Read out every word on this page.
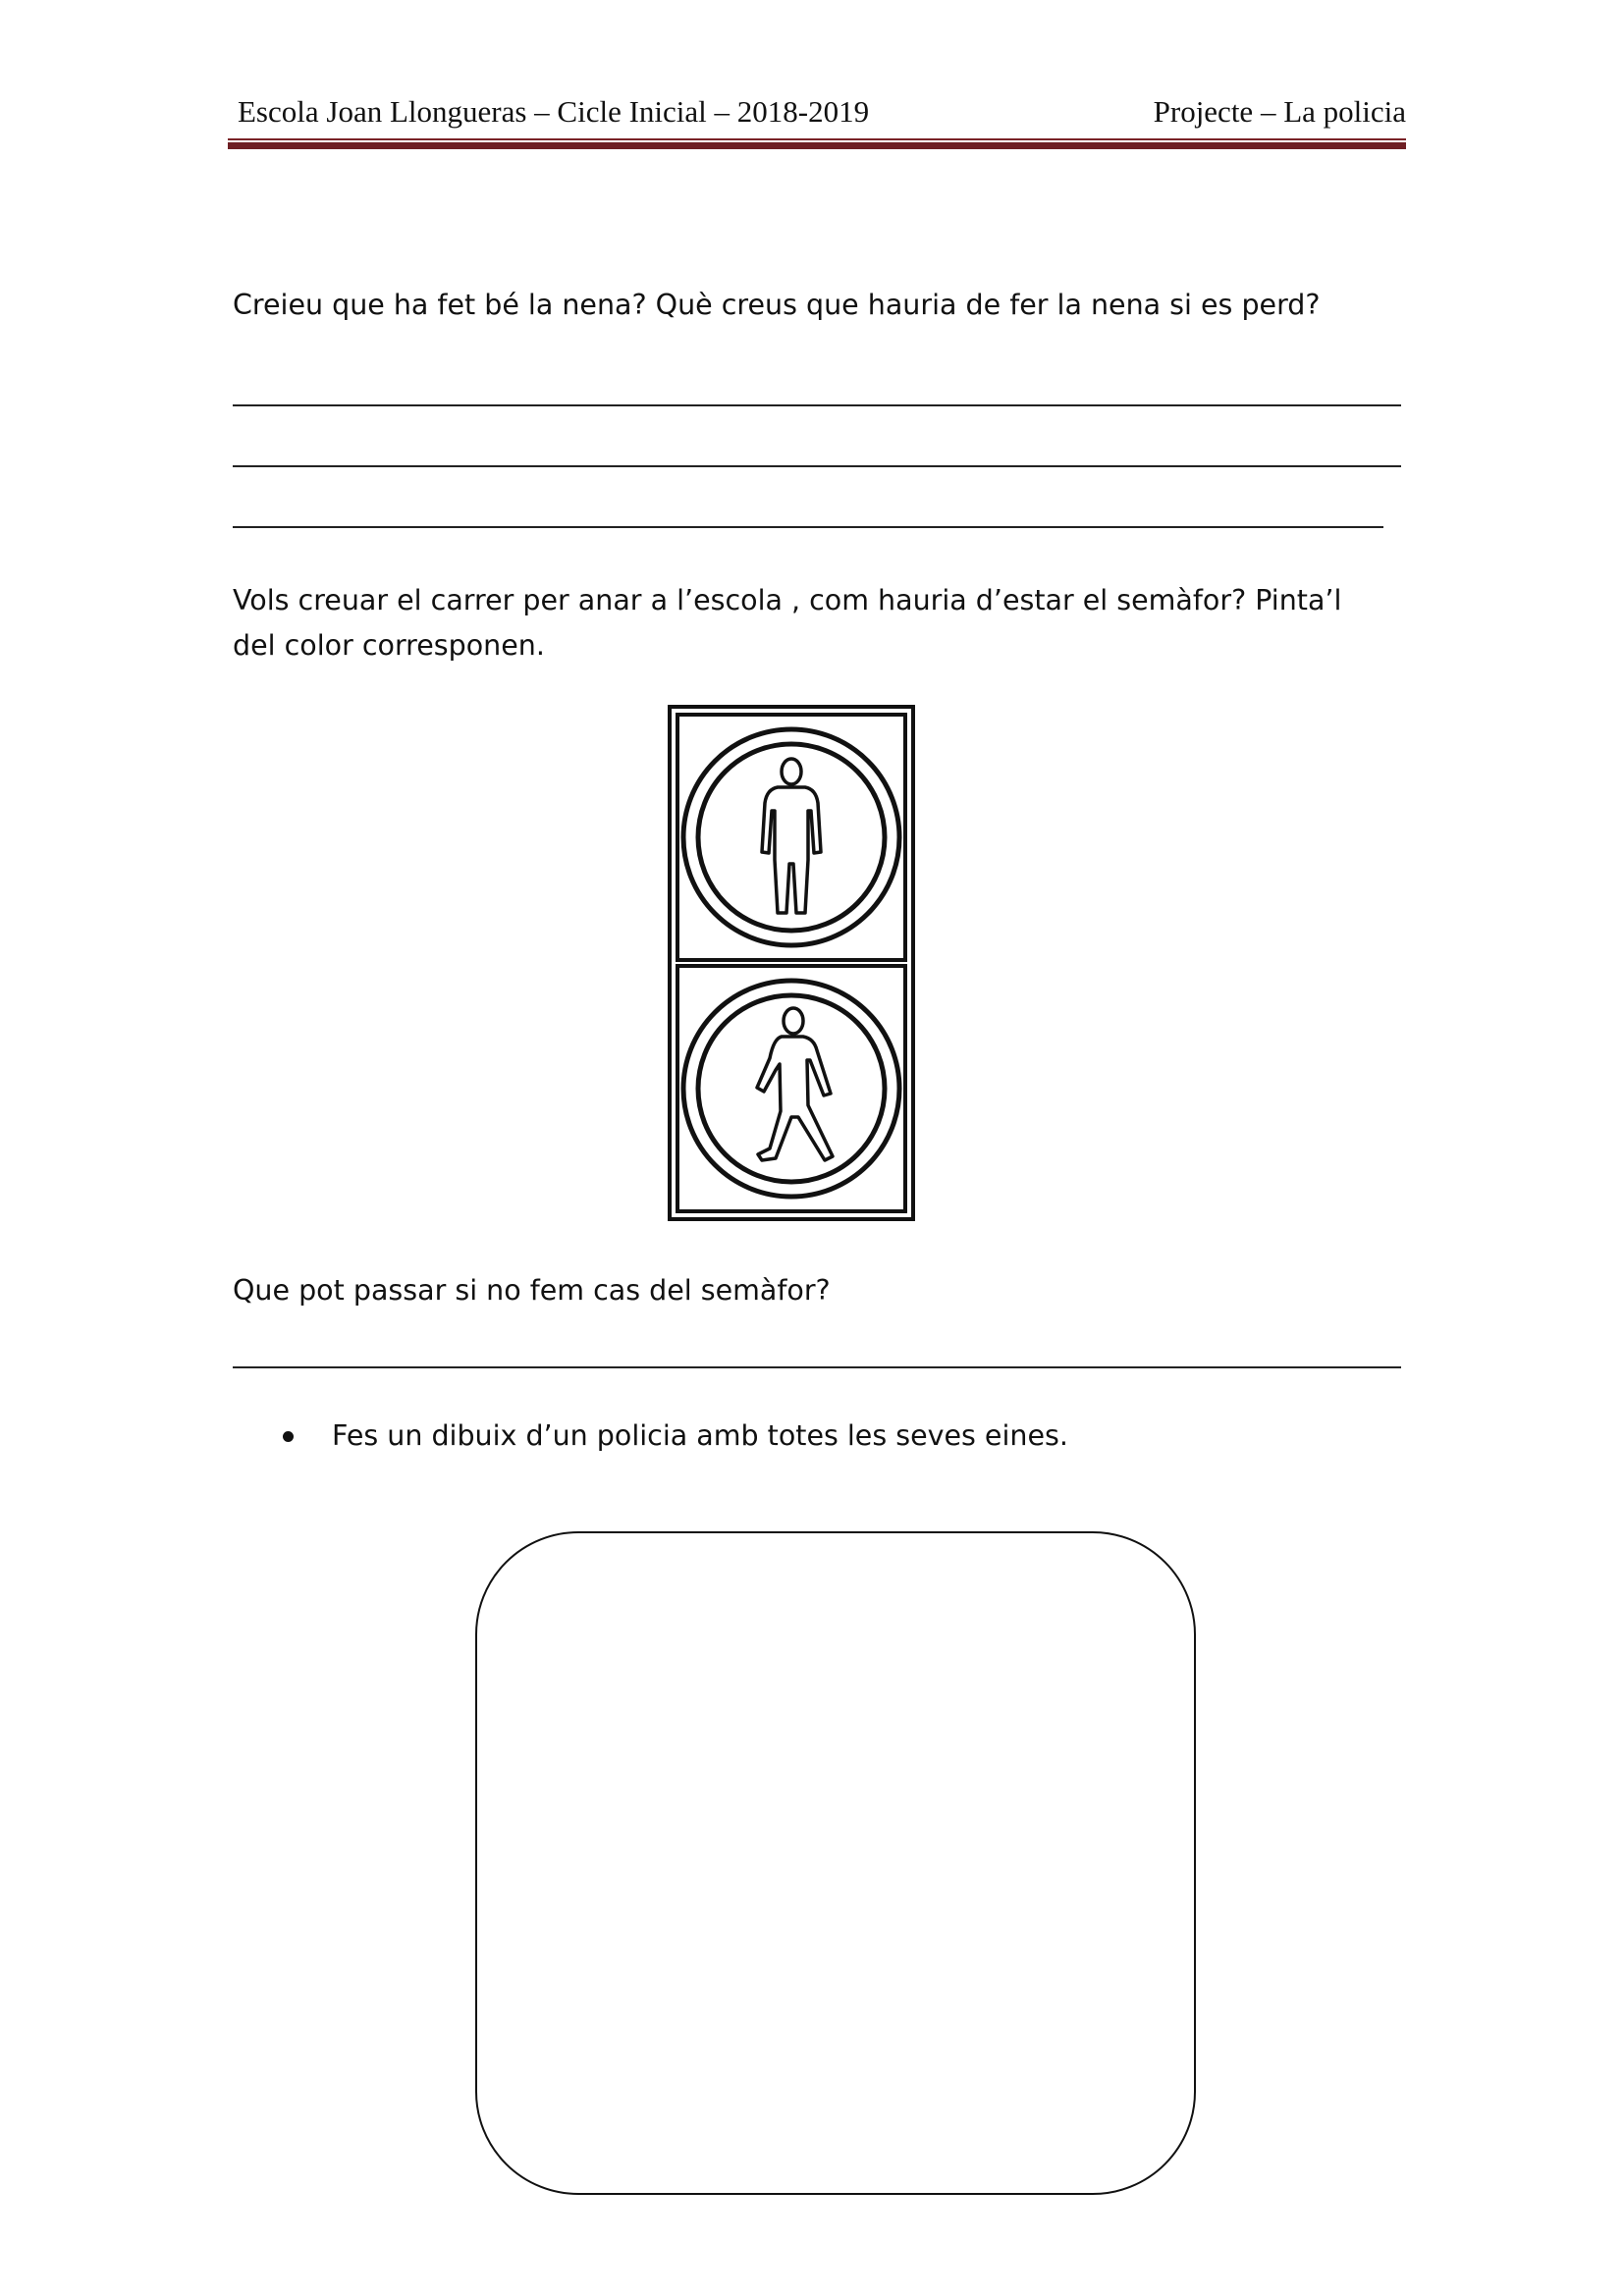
Escola Joan Llongueras – Cicle Inicial – 2018-2019	Projecte – La policia
Creieu que ha fet bé la nena? Què creus que hauria de fer la nena si es perd?
Vols creuar el carrer per anar a l’escola , com hauria d’estar el semàfor? Pinta’l del color corresponen.
Que pot passar si no fem cas del semàfor?
Fes un dibuix d’un policia amb totes les seves eines.
